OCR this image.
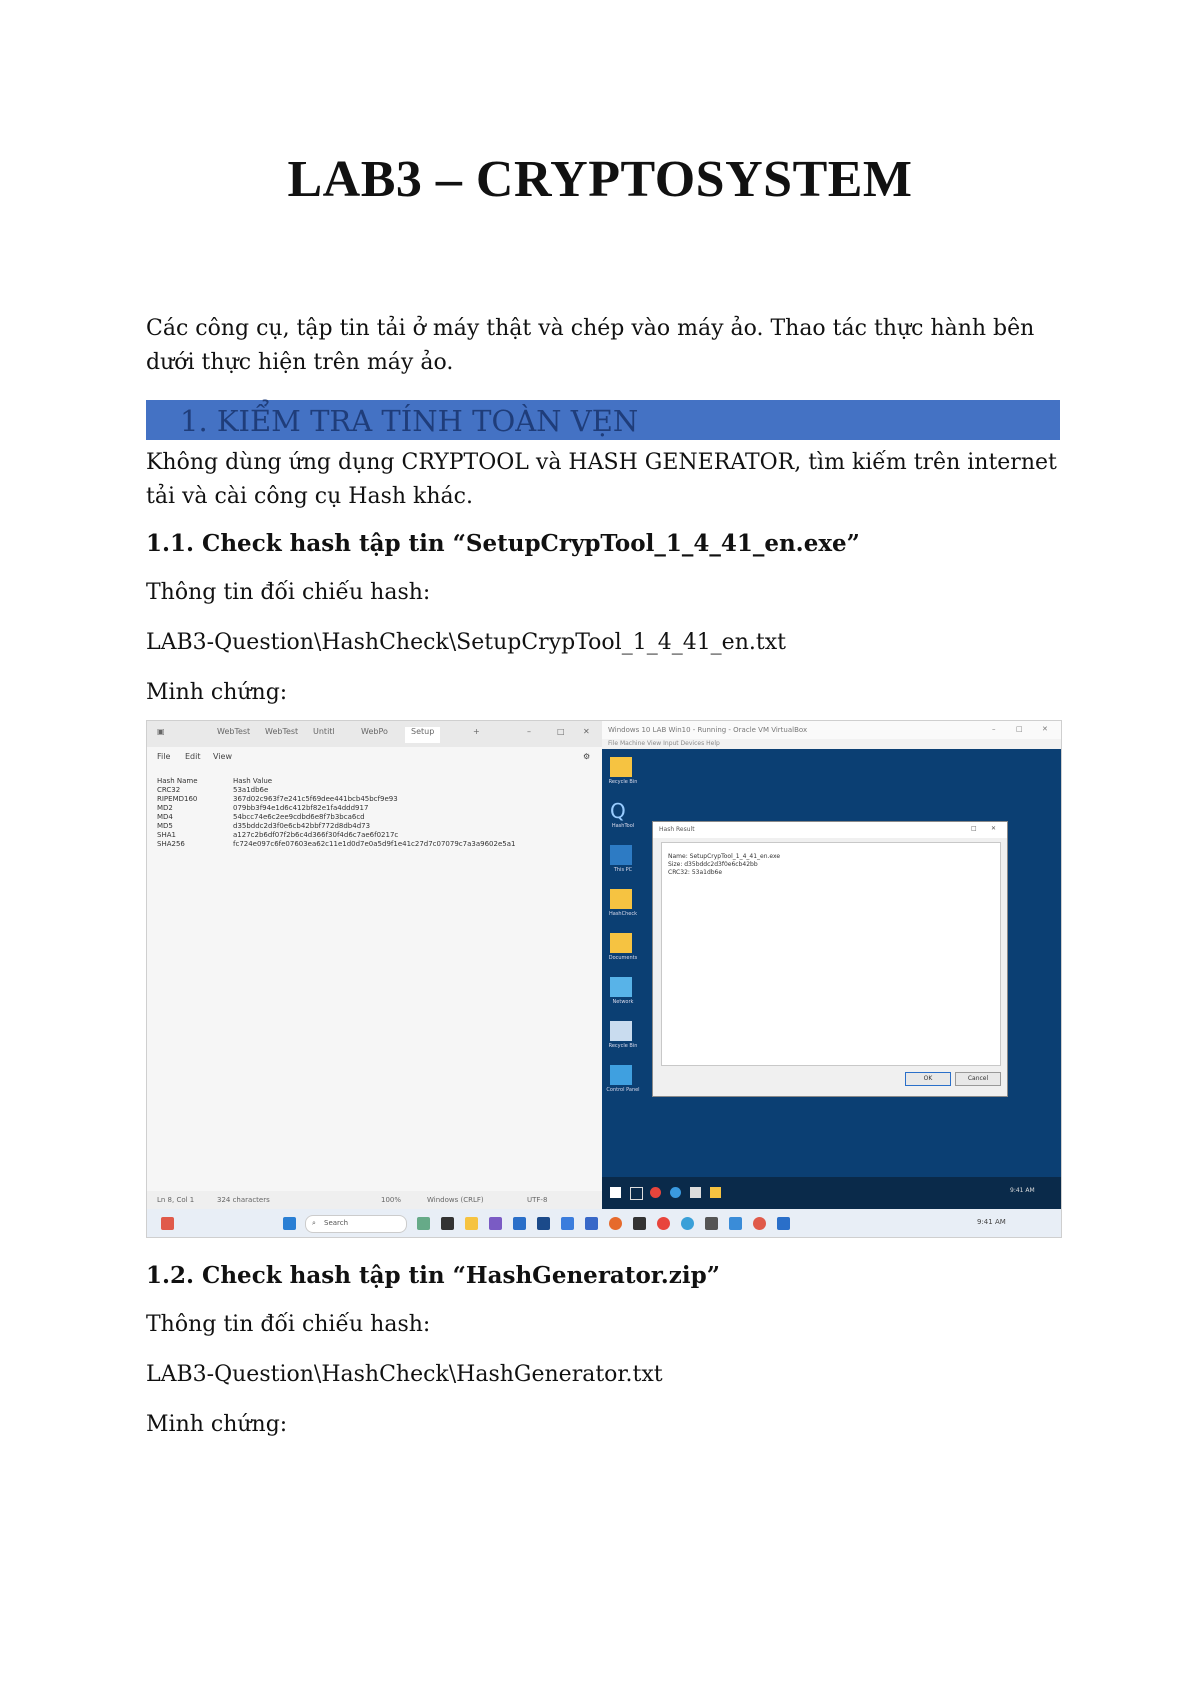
LAB3 – CRYPTOSYSTEM
Các công cụ, tập tin tải ở máy thật và chép vào máy ảo. Thao tác thực hành bên dưới thực hiện trên máy ảo.
1. KIỂM TRA TÍNH TOÀN VẸN
Không dùng ứng dụng CRYPTOOL và HASH GENERATOR, tìm kiếm trên internet tải và cài công cụ Hash khác.
1.1. Check hash tập tin “SetupCrypTool_1_4_41_en.exe”
Thông tin đối chiếu hash:
LAB3-Question\HashCheck\SetupCrypTool_1_4_41_en.txt
Minh chứng:
▣	WebTest WebTest Untitl	WebPo	Setup	+	–	□ ✕
File Edit View	⚙
Hash Name	Hash Value
CRC32	53a1db6e
RIPEMD160	367d02c963f7e241c5f69dee441bcb45bcf9e93
MD2	079bb3f94e1d6c412bf82e1fa4ddd917
MD4	54bcc74e6c2ee9cdbd6e8f7b3bca6cd
MD5	d35bddc2d3f0e6cb42bbf772d8db4d73
SHA1	a127c2b6df07f2b6c4d366f30f4d6c7ae6f0217c
SHA256	fc724e097c6fe07603ea62c11e1d0d7e0a5d9f1e41c27d7c07079c7a3a9602e5a1
Ln 8, Col 1	324 characters	100%	Windows (CRLF)	UTF-8
Windows 10 LAB Win10 - Running - Oracle VM VirtualBox	–	□	✕
File Machine View Input Devices Help
Recycle Bin
Q
HashTool
This PC
HashCheck
Documents
Network
Recycle Bin
Control Panel
Hash Result	□ ✕
Name: SetupCrypTool_1_4_41_en.exe
Size: d35bddc2d3f0e6cb42bb
CRC32: 53a1db6e
OK	Cancel
9:41 AM
⌕ Search	9:41 AM
1.2. Check hash tập tin “HashGenerator.zip”
Thông tin đối chiếu hash:
LAB3-Question\HashCheck\HashGenerator.txt
Minh chứng:
